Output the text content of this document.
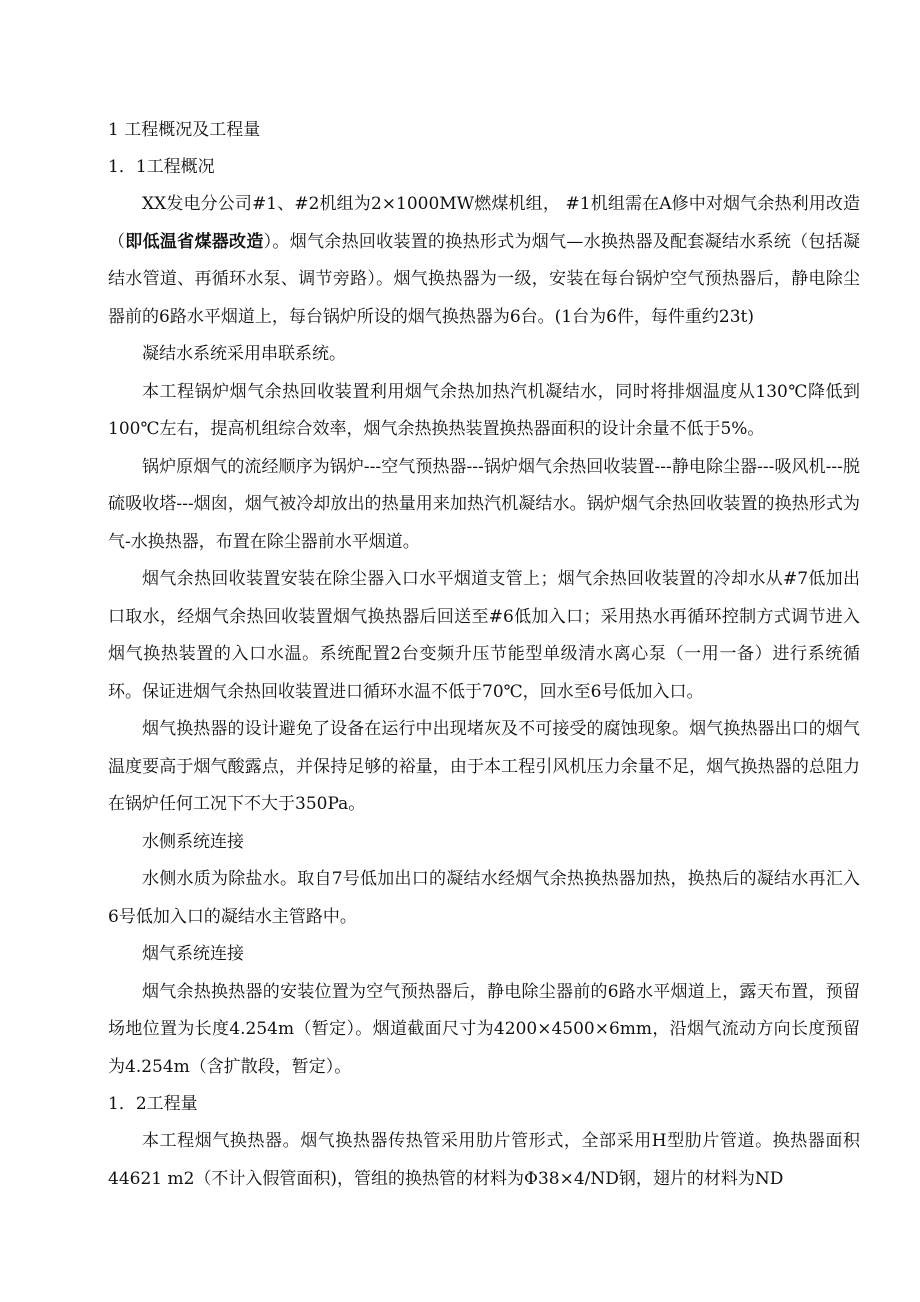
1 工程概况及工程量
1．1工程概况
XX发电分公司#1、#2机组为2×1000MW燃煤机组， #1机组需在A修中对烟气余热利用改造（即低温省煤器改造）。烟气余热回收装置的换热形式为烟气—水换热器及配套凝结水系统（包括凝结水管道、再循环水泵、调节旁路）。烟气换热器为一级，安装在每台锅炉空气预热器后，静电除尘器前的6路水平烟道上，每台锅炉所设的烟气换热器为6台。(1台为6件，每件重约23t)
凝结水系统采用串联系统。
本工程锅炉烟气余热回收装置利用烟气余热加热汽机凝结水，同时将排烟温度从130℃降低到100℃左右，提高机组综合效率，烟气余热换热装置换热器面积的设计余量不低于5%。
锅炉原烟气的流经顺序为锅炉---空气预热器---锅炉烟气余热回收装置---静电除尘器---吸风机---脱硫吸收塔---烟囱，烟气被冷却放出的热量用来加热汽机凝结水。锅炉烟气余热回收装置的换热形式为气-水换热器，布置在除尘器前水平烟道。
烟气余热回收装置安装在除尘器入口水平烟道支管上；烟气余热回收装置的冷却水从#7低加出口取水，经烟气余热回收装置烟气换热器后回送至#6低加入口；采用热水再循环控制方式调节进入烟气换热装置的入口水温。系统配置2台变频升压节能型单级清水离心泵（一用一备）进行系统循环。保证进烟气余热回收装置进口循环水温不低于70℃，回水至6号低加入口。
烟气换热器的设计避免了设备在运行中出现堵灰及不可接受的腐蚀现象。烟气换热器出口的烟气温度要高于烟气酸露点，并保持足够的裕量，由于本工程引风机压力余量不足，烟气换热器的总阻力在锅炉任何工况下不大于350Pa。
水侧系统连接
水侧水质为除盐水。取自7号低加出口的凝结水经烟气余热换热器加热，换热后的凝结水再汇入6号低加入口的凝结水主管路中。
烟气系统连接
烟气余热换热器的安装位置为空气预热器后，静电除尘器前的6路水平烟道上，露天布置，预留场地位置为长度4.254m（暂定）。烟道截面尺寸为4200×4500×6mm，沿烟气流动方向长度预留为4.254m（含扩散段，暂定）。
1．2工程量
本工程烟气换热器。烟气换热器传热管采用肋片管形式，全部采用H型肋片管道。换热器面积44621 m2（不计入假管面积)，管组的换热管的材料为Φ38×4/ND钢，翅片的材料为ND
